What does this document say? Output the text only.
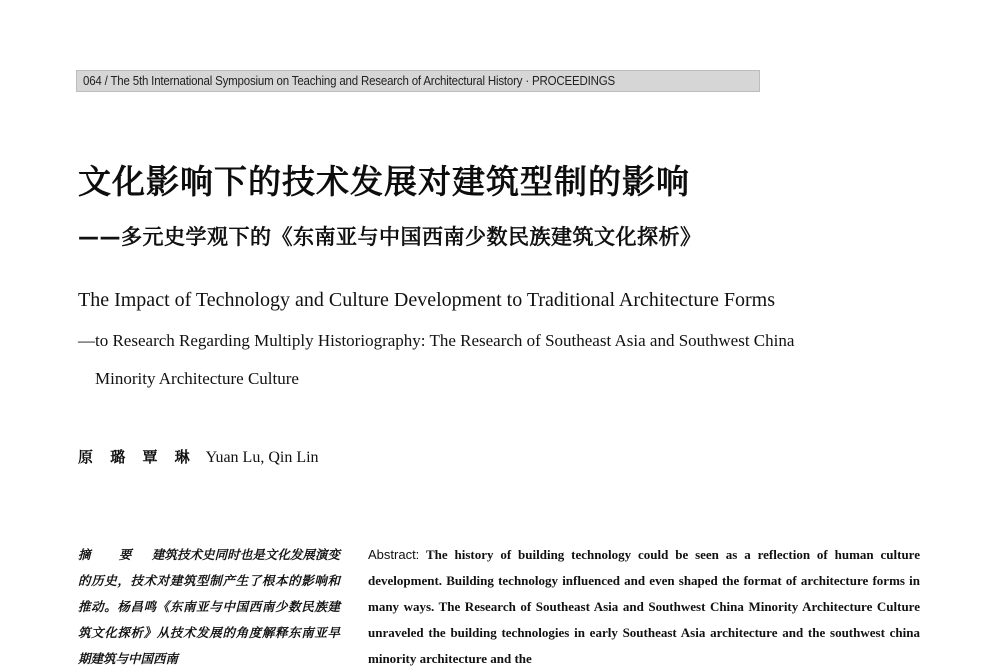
064 / The 5th International Symposium on Teaching and Research of Architectural History · PROCEEDINGS
文化影响下的技术发展对建筑型制的影响
——多元史学观下的《东南亚与中国西南少数民族建筑文化探析》
The Impact of Technology and Culture Development to Traditional Architecture Forms
—to Research Regarding Multiply Historiography: The Research of Southeast Asia and Southwest China
Minority Architecture Culture
原 璐 覃 琳 Yuan Lu, Qin Lin
摘 要 建筑技术史同时也是文化发展演变的历史，技术对建筑型制产生了根本的影响和推动。杨昌鸣《东南亚与中国西南少数民族建筑文化探析》从技术发展的角度解释东南亚早期建筑与中国西南
Abstract: The history of building technology could be seen as a reflection of human culture development. Building technology influenced and even shaped the format of architecture forms in many ways. The Research of Southeast Asia and Southwest China Minority Architecture Culture unraveled the building technologies in early Southeast Asia architecture and the southwest china minority architecture and the
